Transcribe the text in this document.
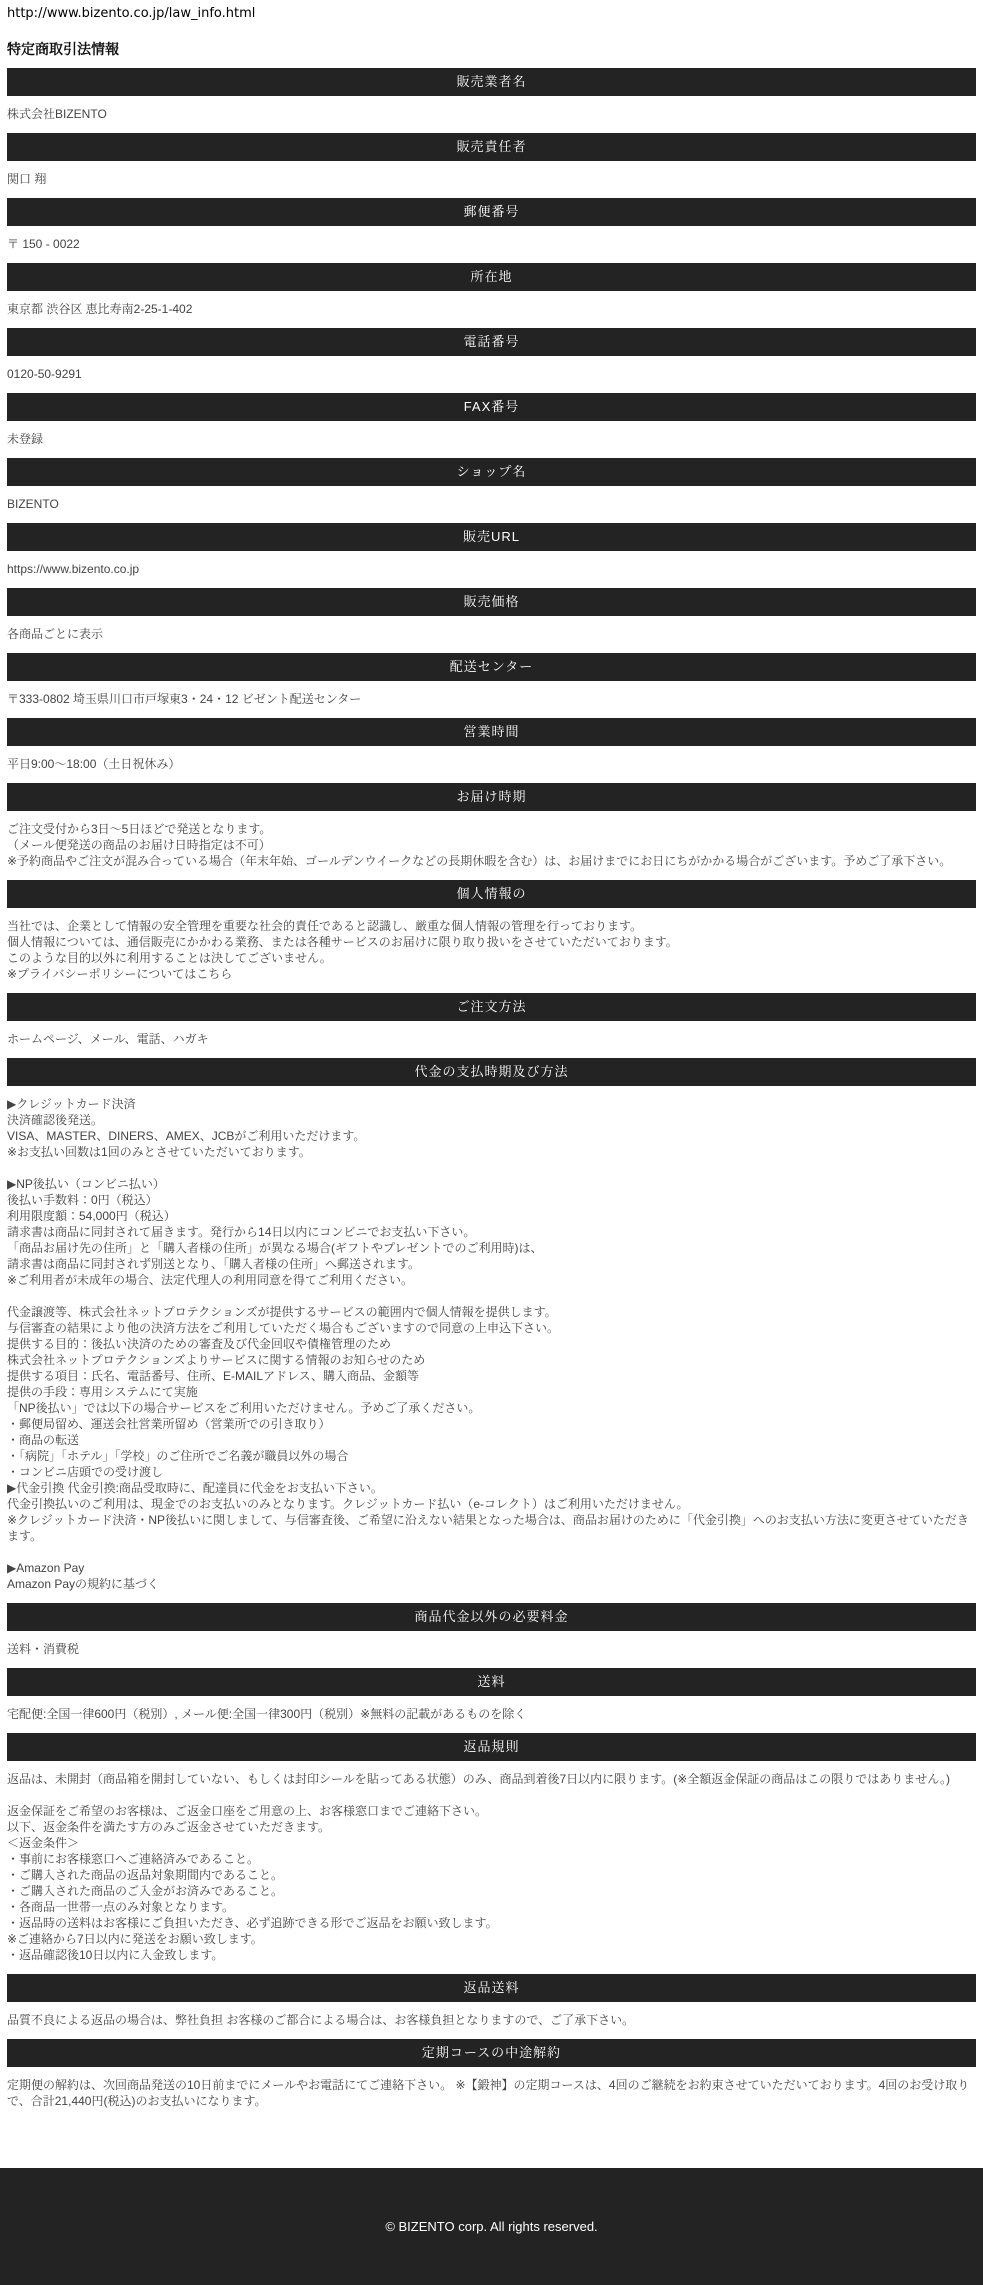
http://www.bizento.co.jp/law_info.html
特定商取引法情報
販売業者名
株式会社BIZENTO
販売責任者
関口 翔
郵便番号
〒 150 - 0022
所在地
東京都 渋谷区 恵比寿南2-25-1-402
電話番号
0120-50-9291
FAX番号
未登録
ショップ名
BIZENTO
販売URL
https://www.bizento.co.jp
販売価格
各商品ごとに表示
配送センター
〒333-0802 埼玉県川口市戸塚東3・24・12 ビゼント配送センター
営業時間
平日9:00〜18:00（土日祝休み）
お届け時期
ご注文受付から3日〜5日ほどで発送となります。
（メール便発送の商品のお届け日時指定は不可）
※予約商品やご注文が混み合っている場合（年末年始、ゴールデンウイークなどの長期休暇を含む）は、お届けまでにお日にちがかかる場合がございます。予めご了承下さい。
個人情報の
当社では、企業として情報の安全管理を重要な社会的責任であると認識し、厳重な個人情報の管理を行っております。
個人情報については、通信販売にかかわる業務、または各種サービスのお届けに限り取り扱いをさせていただいております。
このような目的以外に利用することは決してございません。
※プライバシーポリシーについてはこちら
ご注文方法
ホームページ、メール、電話、ハガキ
代金の支払時期及び方法
▶クレジットカード決済
決済確認後発送。
VISA、MASTER、DINERS、AMEX、JCBがご利用いただけます。
※お支払い回数は1回のみとさせていただいております。

▶NP後払い（コンビニ払い）
後払い手数料：0円（税込）
利用限度額：54,000円（税込）
請求書は商品に同封されて届きます。発行から14日以内にコンビニでお支払い下さい。
「商品お届け先の住所」と「購入者様の住所」が異なる場合(ギフトやプレゼントでのご利用時)は、
請求書は商品に同封されず別送となり、「購入者様の住所」へ郵送されます。
※ご利用者が未成年の場合、法定代理人の利用同意を得てご利用ください。

代金譲渡等、株式会社ネットプロテクションズが提供するサービスの範囲内で個人情報を提供します。
与信審査の結果により他の決済方法をご利用していただく場合もございますので同意の上申込下さい。
提供する目的：後払い決済のための審査及び代金回収や債権管理のため
株式会社ネットプロテクションズよりサービスに関する情報のお知らせのため
提供する項目：氏名、電話番号、住所、E-MAILアドレス、購入商品、金額等
提供の手段：専用システムにて実施
「NP後払い」では以下の場合サービスをご利用いただけません。予めご了承ください。
・郵便局留め、運送会社営業所留め（営業所での引き取り）
・商品の転送
・「病院」「ホテル」「学校」のご住所でご名義が職員以外の場合
・コンビニ店頭での受け渡し
▶代金引換 代金引換:商品受取時に、配達員に代金をお支払い下さい。
代金引換払いのご利用は、現金でのお支払いのみとなります。クレジットカード払い（e-コレクト）はご利用いただけません。
※クレジットカード決済・NP後払いに関しまして、与信審査後、ご希望に沿えない結果となった場合は、商品お届けのために「代金引換」へのお支払い方法に変更させていただきます。

▶Amazon Pay
Amazon Payの規約に基づく
商品代金以外の必要料金
送料・消費税
送料
宅配便:全国一律600円（税別）, メール便:全国一律300円（税別）※無料の記載があるものを除く
返品規則
返品は、未開封（商品箱を開封していない、もしくは封印シールを貼ってある状態）のみ、商品到着後7日以内に限ります。(※全額返金保証の商品はこの限りではありません。)

返金保証をご希望のお客様は、ご返金口座をご用意の上、お客様窓口までご連絡下さい。
以下、返金条件を満たす方のみご返金させていただきます。
＜返金条件＞
・事前にお客様窓口へご連絡済みであること。
・ご購入された商品の返品対象期間内であること。
・ご購入された商品のご入金がお済みであること。
・各商品一世帯一点のみ対象となります。
・返品時の送料はお客様にご負担いただき、必ず追跡できる形でご返品をお願い致します。
※ご連絡から7日以内に発送をお願い致します。
・返品確認後10日以内に入金致します。
返品送料
品質不良による返品の場合は、弊社負担 お客様のご都合による場合は、お客様負担となりますので、ご了承下さい。
定期コースの中途解約
定期便の解約は、次回商品発送の10日前までにメールやお電話にてご連絡下さい。 ※【鍛神】の定期コースは、4回のご継続をお約束させていただいております。4回のお受け取りで、合計21,440円(税込)のお支払いになります。
© BIZENTO corp. All rights reserved.
